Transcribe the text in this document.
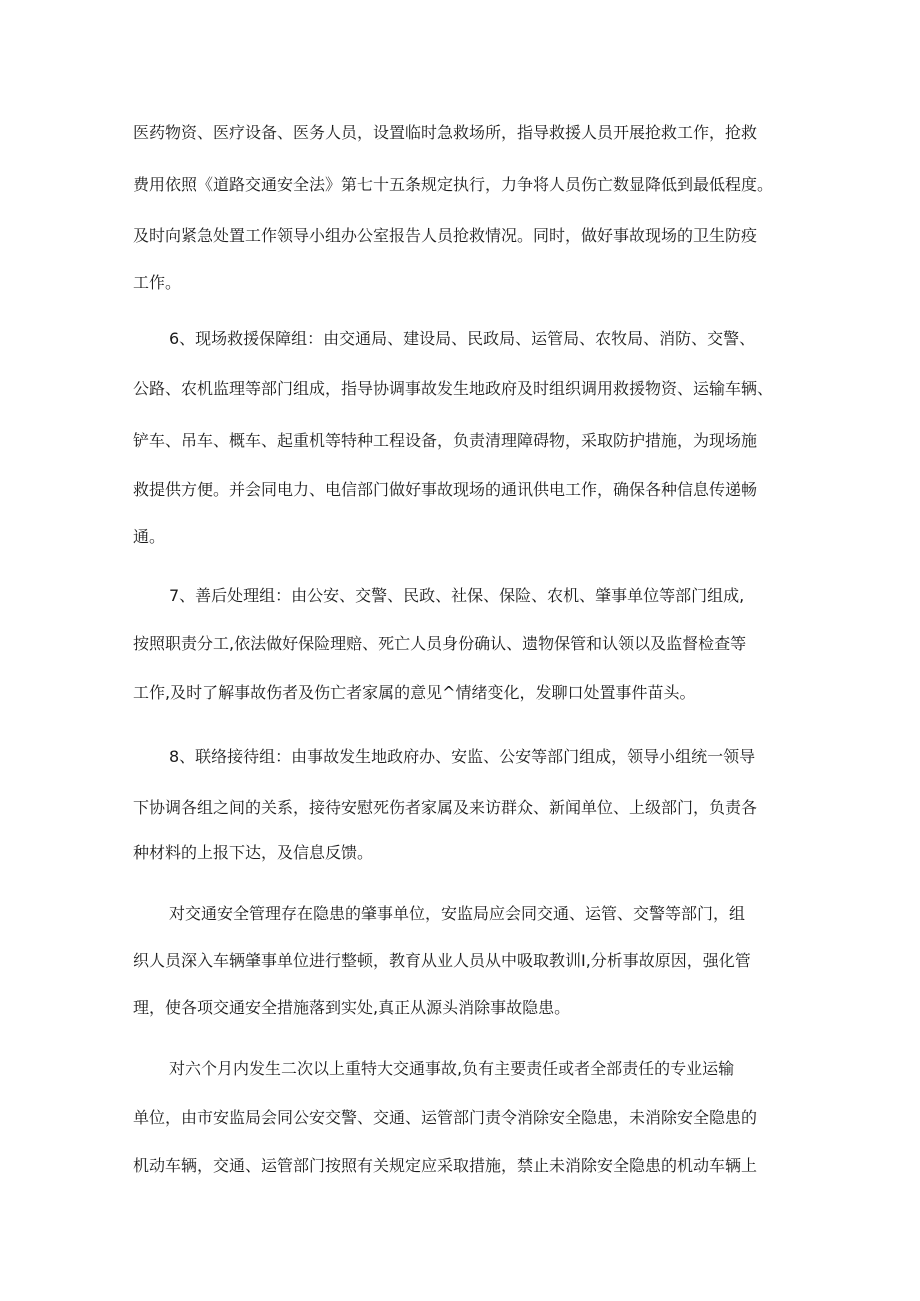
医药物资、医疗设备、医务人员，设置临时急救场所，指导救援人员开展抢救工作，抢救
费用依照《道路交通安全法》第七十五条规定执行，力争将人员伤亡数显降低到最低程度。
及时向紧急处置工作领导小组办公室报告人员抢救情况。同时，做好事故现场的卫生防疫
工作。
6、现场救援保障组：由交通局、建设局、民政局、运管局、农牧局、消防、交警、
公路、农机监理等部门组成，指导协调事故发生地政府及时组织调用救援物资、运输车辆、
铲车、吊车、概车、起重机等特种工程设备，负责清理障碍物，采取防护措施，为现场施
救提供方便。并会同电力、电信部门做好事故现场的通讯供电工作，确保各种信息传递畅
通。
7、善后处理组：由公安、交警、民政、社保、保险、农机、肇事单位等部门组成,
按照职责分工,依法做好保险理赔、死亡人员身份确认、遗物保管和认领以及监督检查等
工作,及时了解事故伤者及伤亡者家属的意见^情绪变化，发聊口处置事件苗头。
8、联络接待组：由事故发生地政府办、安监、公安等部门组成，领导小组统一领导
下协调各组之间的关系，接待安慰死伤者家属及来访群众、新闻单位、上级部门，负责各
种材料的上报下达，及信息反馈。
对交通安全管理存在隐患的肇事单位，安监局应会同交通、运管、交警等部门，组
织人员深入车辆肇事单位进行整顿，教育从业人员从中吸取教训I,分析事故原因，强化管
理，使各项交通安全措施落到实处,真正从源头消除事故隐患。
对六个月内发生二次以上重特大交通事故,负有主要责任或者全部责任的专业运输
单位，由市安监局会同公安交警、交通、运管部门责令消除安全隐患，未消除安全隐患的
机动车辆，交通、运管部门按照有关规定应采取措施，禁止未消除安全隐患的机动车辆上
